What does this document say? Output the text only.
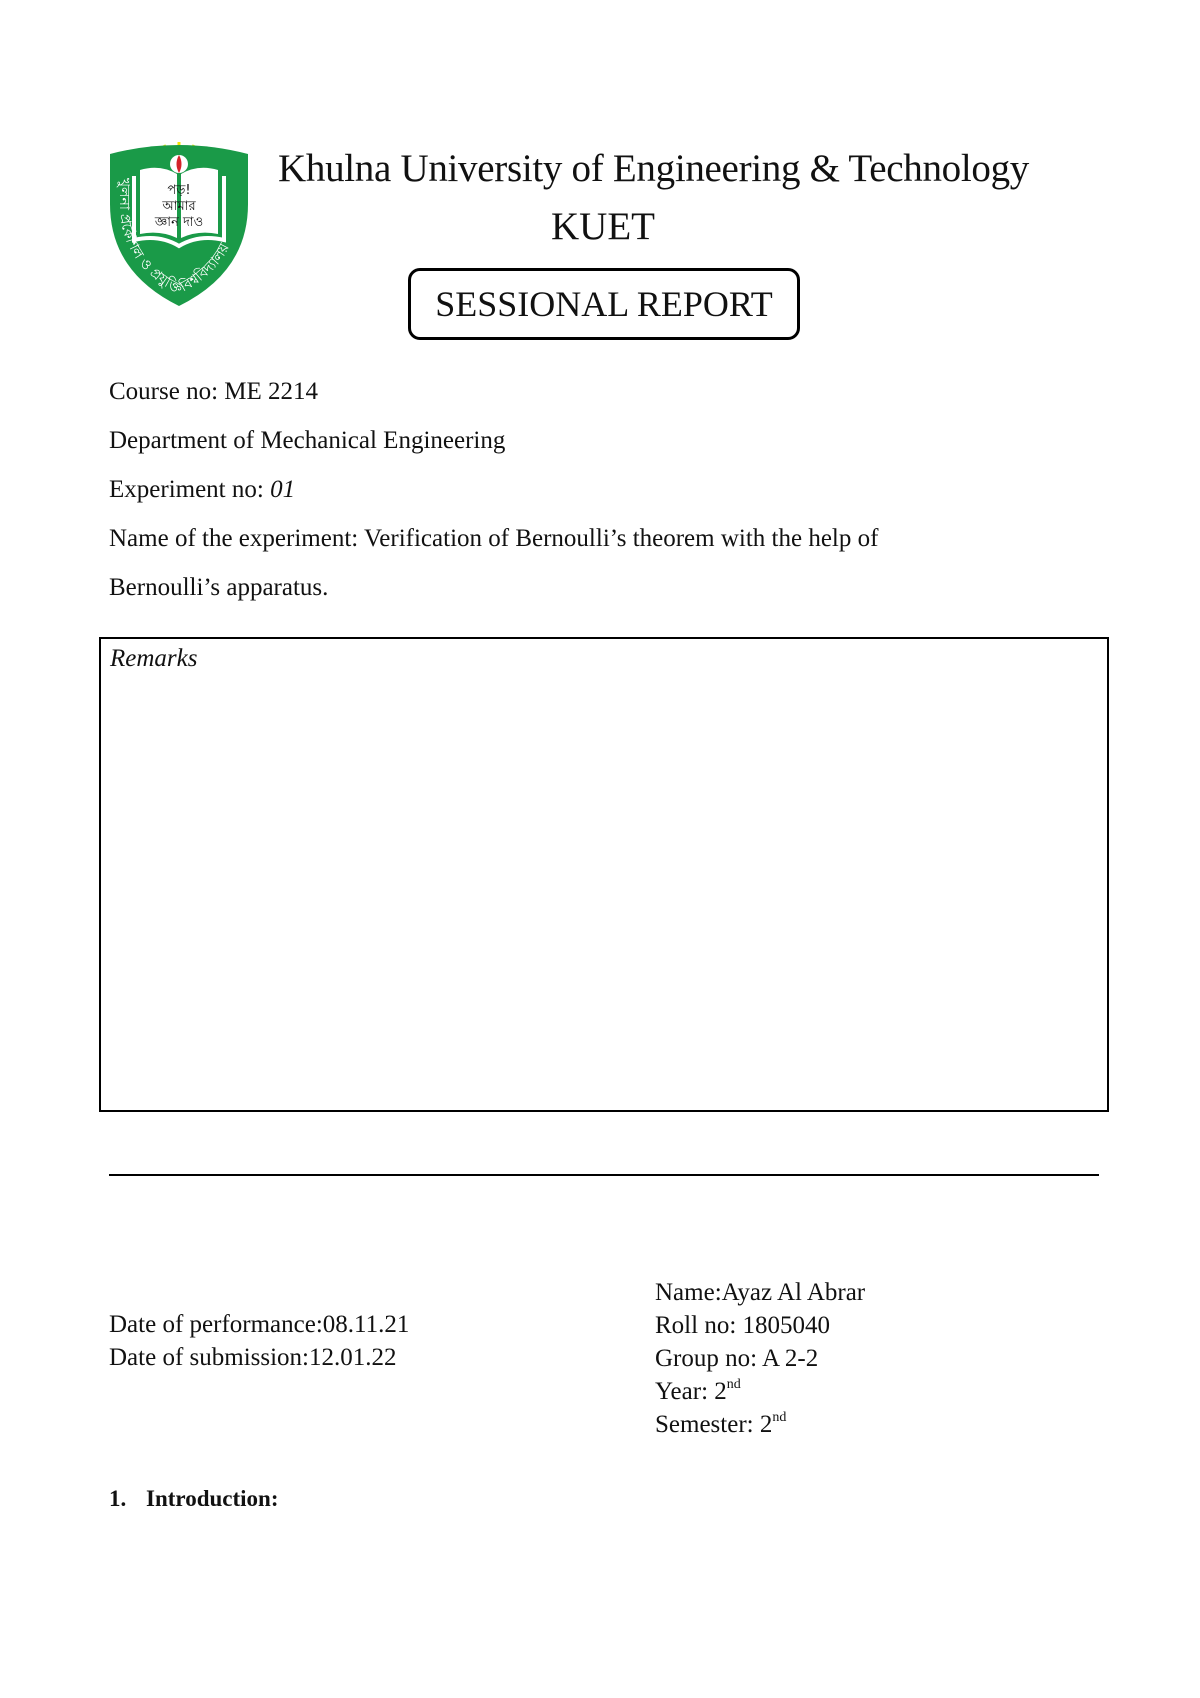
পড়!
আমার
জ্ঞান দাও
খুলনা প্রকৌশল ও প্রযুক্তি বিশ্ববিদ্যালয়
Khulna University of Engineering & Technology
KUET
SESSIONAL REPORT
Course no: ME 2214
Department of Mechanical Engineering
Experiment no: 01
Name of the experiment: Verification of Bernoulli’s theorem with the help of
Bernoulli’s apparatus.
Remarks
Date of performance:08.11.21
Date of submission:12.01.22
Name:Ayaz Al Abrar
Roll no: 1805040
Group no: A 2-2
Year: 2nd
Semester: 2nd
1. Introduction:
